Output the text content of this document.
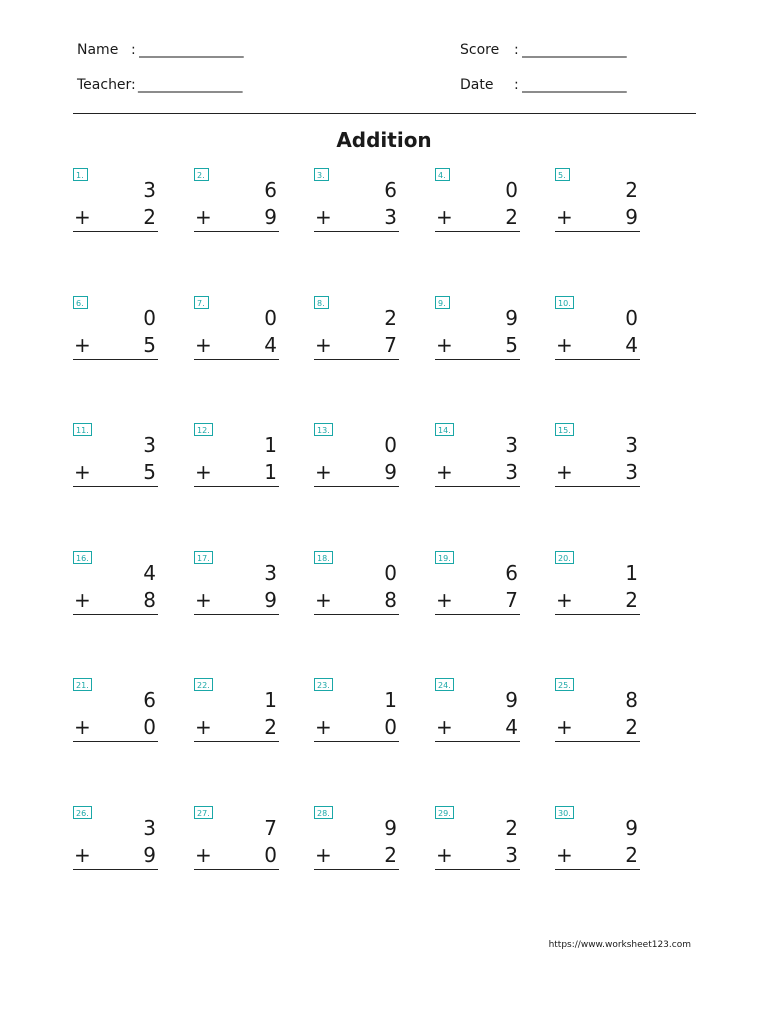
Name : ________________
Teacher: ________________
Score : ________________
Date : ________________
Addition
1.
3
+	2
2.
6
+	9
3.
6
+	3
4.
0
+	2
5.
2
+	9
6.
0
+	5
7.
0
+	4
8.
2
+	7
9.
9
+	5
10.
0
+	4
11.
3
+	5
12.
1
+	1
13.
0
+	9
14.
3
+	3
15.
3
+	3
16.
4
+	8
17.
3
+	9
18.
0
+	8
19.
6
+	7
20.
1
+	2
21.
6
+	0
22.
1
+	2
23.
1
+	0
24.
9
+	4
25.
8
+	2
26.
3
+	9
27.
7
+	0
28.
9
+	2
29.
2
+	3
30.
9
+	2
https://www.worksheet123.com
